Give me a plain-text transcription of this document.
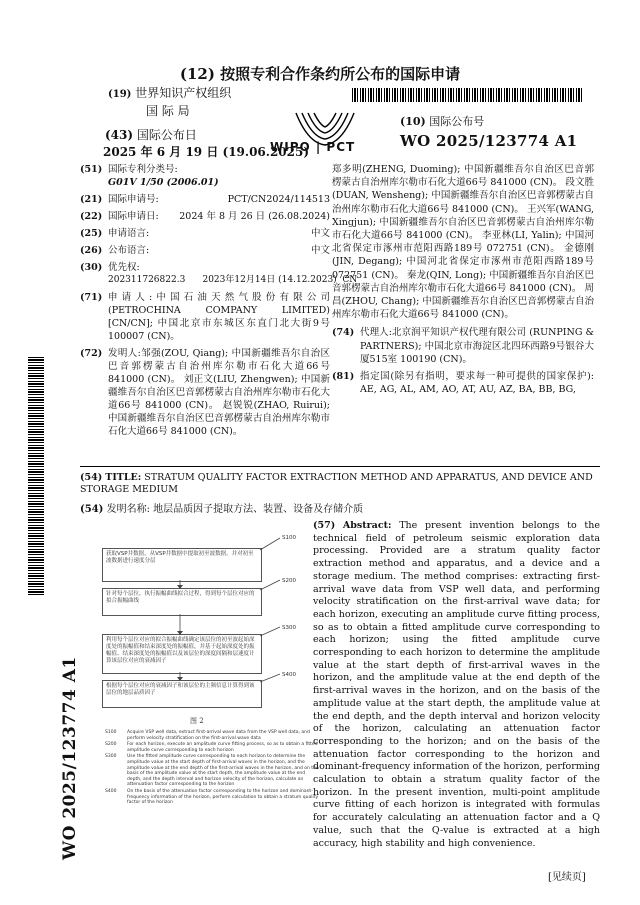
(12) 按照专利合作条约所公布的国际申请
(19) 世界知识产权组织
国 际 局
(43) 国际公布日
2025 年 6 月 19 日 (19.06.2025)
WIPO | PCT
(10) 国际公布号
WO 2025/123774 A1
(51) 国际专利分类号:
G01V 1/50 (2006.01)
(21) 国际申请号:	PCT/CN2024/114513
(22) 国际申请日: 2024 年 8 月 26 日 (26.08.2024)
(25) 申请语言:	中文
(26) 公布语言:	中文
(30) 优先权:
202311726822.3      2023年12月14日 (14.12.2023)  CN
(71) 申请人:中国石油天然气股份有限公司 (PETROCHINA COMPANY LIMITED) [CN/CN]; 中国北京市东城区东直门北大街9号 100007 (CN)。
(72) 发明人:邹强(ZOU, Qiang); 中国新疆维吾尔自治区巴音郭楞蒙古自治州库尔勒市石化大道66号 841000 (CN)。 刘正文(LIU, Zhengwen); 中国新疆维吾尔自治区巴音郭楞蒙古自治州库尔勒市石化大道66号 841000 (CN)。 赵锐锐(ZHAO, Ruirui); 中国新疆维吾尔自治区巴音郭楞蒙古自治州库尔勒市石化大道66号 841000 (CN)。
郑多明(ZHENG, Duoming); 中国新疆维吾尔自治区巴音郭楞蒙古自治州库尔勒市石化大道66号 841000 (CN)。 段文胜(DUAN, Wensheng); 中国新疆维吾尔自治区巴音郭楞蒙古自治州库尔勒市石化大道66号 841000 (CN)。 王兴军(WANG, Xingjun); 中国新疆维吾尔自治区巴音郭楞蒙古自治州库尔勒市石化大道66号 841000 (CN)。 李亚林(LI, Yalin); 中国河北省保定市涿州市范阳西路189号 072751 (CN)。 金德刚(JIN, Degang); 中国河北省保定市涿州市范阳西路189号 072751 (CN)。 秦龙(QIN, Long); 中国新疆维吾尔自治区巴音郭楞蒙古自治州库尔勒市石化大道66号 841000 (CN)。 周昌(ZHOU, Chang); 中国新疆维吾尔自治区巴音郭楞蒙古自治州库尔勒市石化大道66号 841000 (CN)。
(74) 代理人:北京润平知识产权代理有限公司 (RUNPING & PARTNERS); 中国北京市海淀区北四环西路9号银谷大厦515室 100190 (CN)。
(81) 指定国(除另有指明，要求每一种可提供的国家保护): AE, AG, AL, AM, AO, AT, AU, AZ, BA, BB, BG,
(54) TITLE: STRATUM QUALITY FACTOR EXTRACTION METHOD AND APPARATUS, AND DEVICE AND STORAGE MEDIUM
(54) 发明名称: 地层品质因子提取方法、装置、设备及存储介质
获取VSP井数据，从VSP井数据中提取初至波数据，并对初至波数据进行速度分层
S100
针对每个层位，执行振幅曲线拟合过程，得到每个层位对应的拟合振幅曲线
S200
利用每个层位对应的拟合振幅曲线确定该层位的初至波起始深度处的振幅值和结束深度处的振幅值，并基于起始深度处的振幅值、结束深度处的振幅值以及该层位的深度间隔和层速度计算该层位对应的衰减因子
S300
根据每个层位对应的衰减因子和该层位的主频信息计算得到该层位的地层品质因子
S400
图 2
S100	Acquire VSP well data, extract first-arrival wave data from the VSP well data, and perform velocity stratification on the first-arrival wave data
S200	For each horizon, execute an amplitude curve fitting process, so as to obtain a fitted amplitude curve corresponding to each horizon
S300	Use the fitted amplitude curve corresponding to each horizon to determine the amplitude value at the start depth of first-arrival waves in the horizon, and the amplitude value at the end depth of the first-arrival waves in the horizon, and on the basis of the amplitude value at the start depth, the amplitude value at the end depth, and the depth interval and horizon velocity of the horizon, calculate an attenuation factor corresponding to the horizon
S400	On the basis of the attenuation factor corresponding to the horizon and dominant-frequency information of the horizon, perform calculation to obtain a stratum quality factor of the horizon
(57) Abstract: The present invention belongs to the technical field of petroleum seismic exploration data processing. Provided are a stratum quality factor extraction method and apparatus, and a device and a storage medium. The method comprises: extracting first-arrival wave data from VSP well data, and performing velocity stratification on the first-arrival wave data; for each horizon, executing an amplitude curve fitting process, so as to obtain a fitted amplitude curve corresponding to each horizon; using the fitted amplitude curve corresponding to each horizon to determine the amplitude value at the start depth of first-arrival waves in the horizon, and the amplitude value at the end depth of the first-arrival waves in the horizon, and on the basis of the amplitude value at the start depth, the amplitude value at the end depth, and the depth interval and horizon velocity of the horizon, calculating an attenuation factor corresponding to the horizon; and on the basis of the attenuation factor corresponding to the horizon and dominant-frequency information of the horizon, performing calculation to obtain a stratum quality factor of the horizon. In the present invention, multi-point amplitude curve fitting of each horizon is integrated with formulas for accurately calculating an attenuation factor and a Q value, such that the Q-value is extracted at a high accuracy, high stability and high convenience.
WO 2025/123774 A1
[见续页]
